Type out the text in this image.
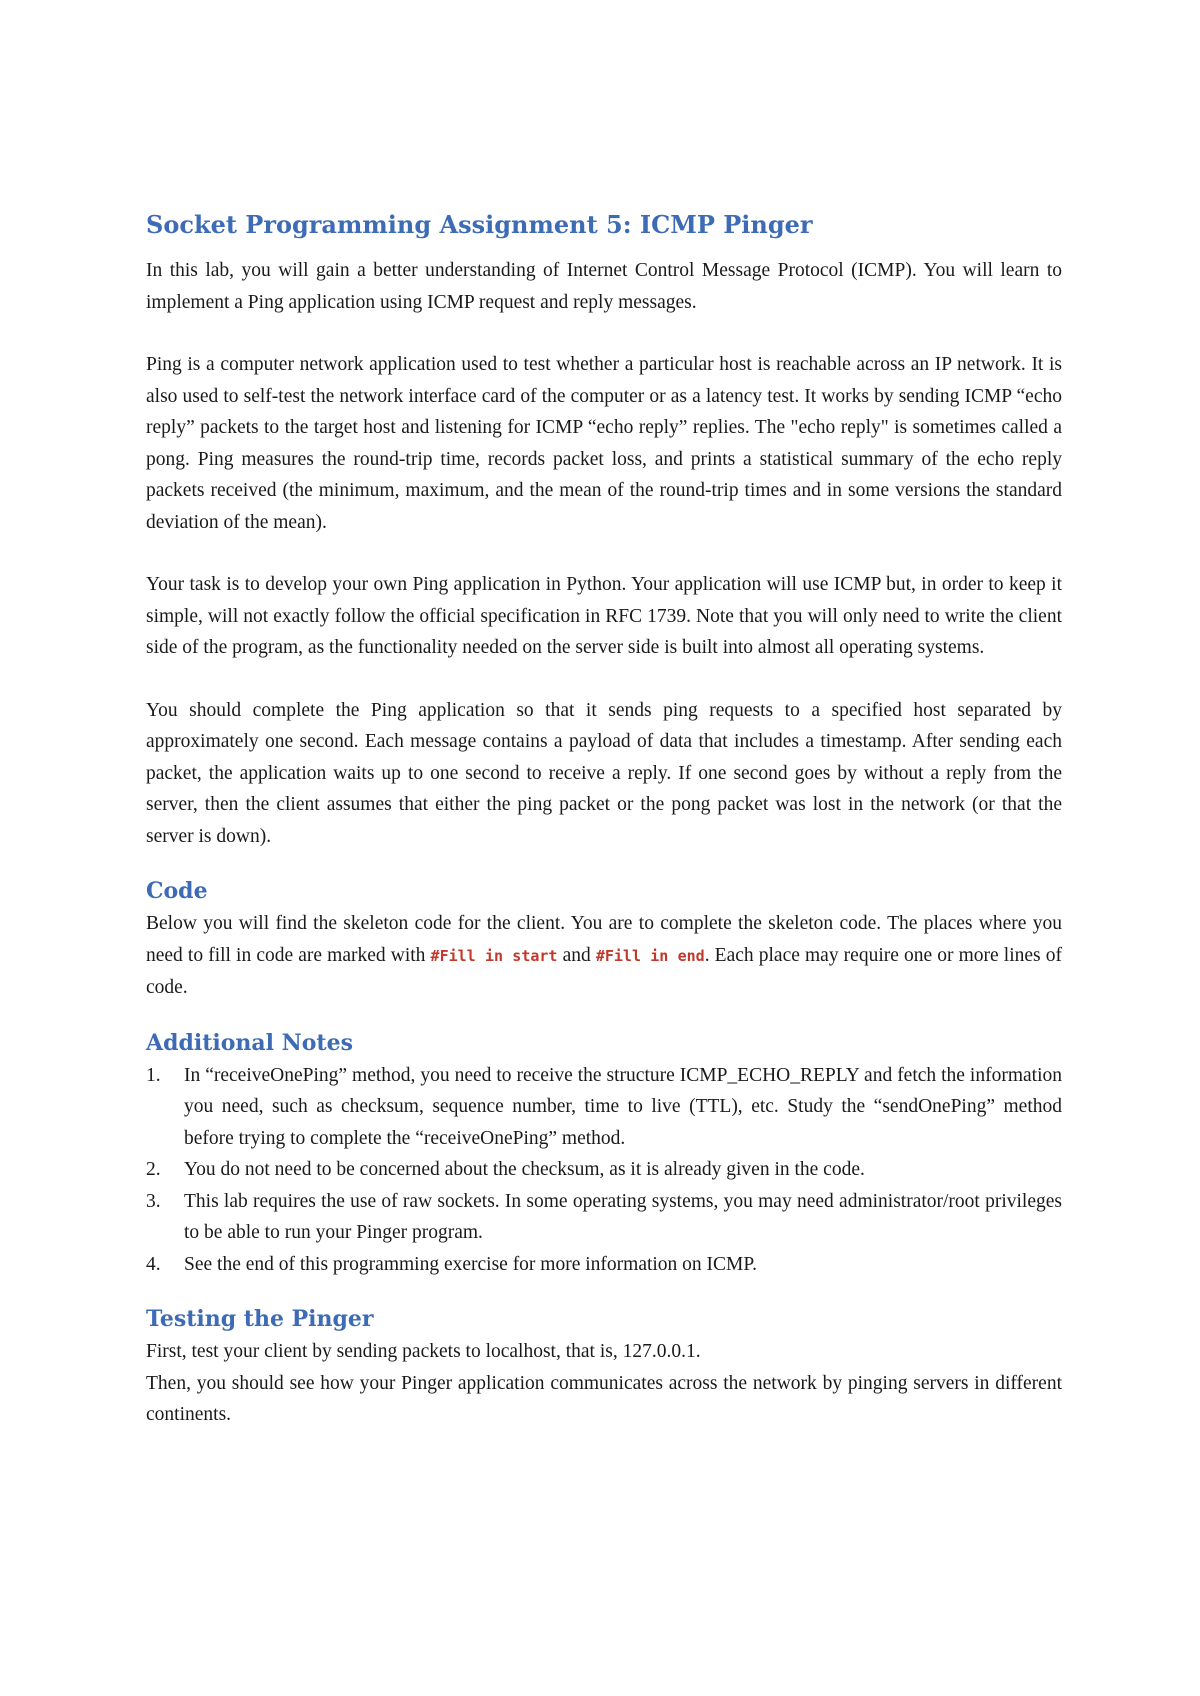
Socket Programming Assignment 5: ICMP Pinger

In this lab, you will gain a better understanding of Internet Control Message Protocol (ICMP). You will learn to implement a Ping application using ICMP request and reply messages.

Ping is a computer network application used to test whether a particular host is reachable across an IP network. It is also used to self-test the network interface card of the computer or as a latency test. It works by sending ICMP “echo reply” packets to the target host and listening for ICMP “echo reply” replies. The "echo reply" is sometimes called a pong. Ping measures the round-trip time, records packet loss, and prints a statistical summary of the echo reply packets received (the minimum, maximum, and the mean of the round-trip times and in some versions the standard deviation of the mean).

Your task is to develop your own Ping application in Python. Your application will use ICMP but, in order to keep it simple, will not exactly follow the official specification in RFC 1739. Note that you will only need to write the client side of the program, as the functionality needed on the server side is built into almost all operating systems.

You should complete the Ping application so that it sends ping requests to a specified host separated by approximately one second. Each message contains a payload of data that includes a timestamp. After sending each packet, the application waits up to one second to receive a reply. If one second goes by without a reply from the server, then the client assumes that either the ping packet or the pong packet was lost in the network (or that the server is down).

Code

Below you will find the skeleton code for the client. You are to complete the skeleton code. The places where you need to fill in code are marked with #Fill in start and #Fill in end. Each place may require one or more lines of code.

Additional Notes
1. In “receiveOnePing” method, you need to receive the structure ICMP_ECHO_REPLY and fetch the information you need, such as checksum, sequence number, time to live (TTL), etc. Study the “sendOnePing” method before trying to complete the “receiveOnePing” method.
2. You do not need to be concerned about the checksum, as it is already given in the code.
3. This lab requires the use of raw sockets. In some operating systems, you may need administrator/root privileges to be able to run your Pinger program.
4. See the end of this programming exercise for more information on ICMP.
Testing the Pinger

First, test your client by sending packets to localhost, that is, 127.0.0.1.

Then, you should see how your Pinger application communicates across the network by pinging servers in different continents.
